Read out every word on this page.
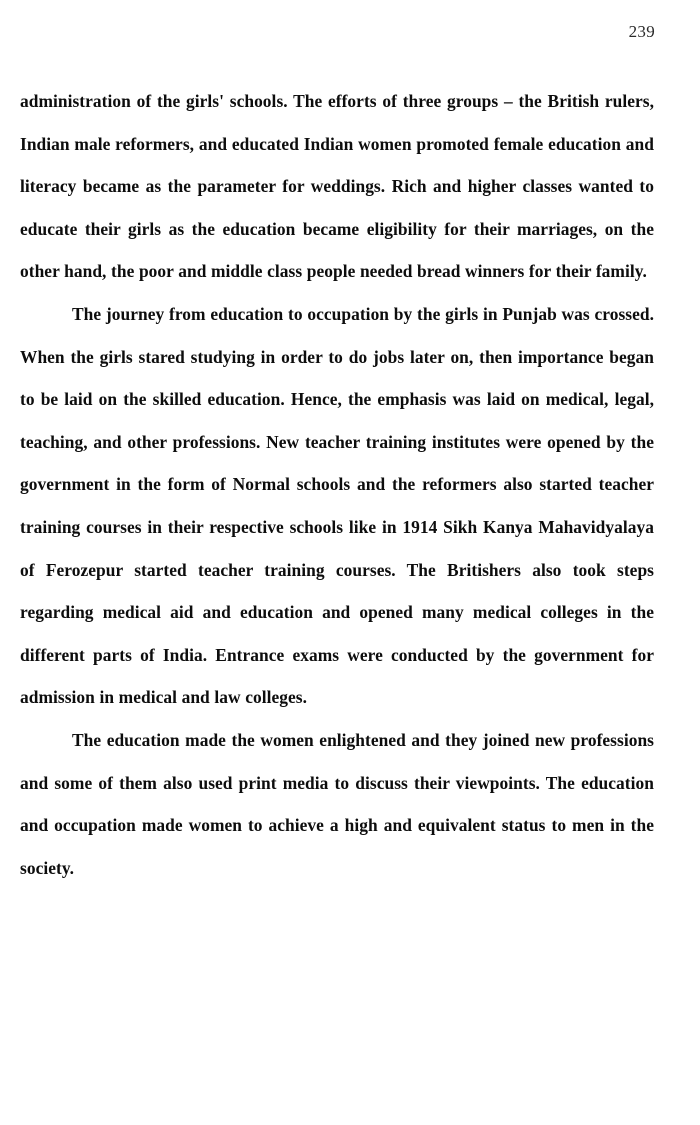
239

administration of the girls' schools. The efforts of three groups – the British rulers, Indian male reformers, and educated Indian women promoted female education and literacy became as the parameter for weddings. Rich and higher classes wanted to educate their girls as the education became eligibility for their marriages, on the other hand, the poor and middle class people needed bread winners for their family.

The journey from education to occupation by the girls in Punjab was crossed. When the girls stared studying in order to do jobs later on, then importance began to be laid on the skilled education. Hence, the emphasis was laid on medical, legal, teaching, and other professions. New teacher training institutes were opened by the government in the form of Normal schools and the reformers also started teacher training courses in their respective schools like in 1914 Sikh Kanya Mahavidyalaya of Ferozepur started teacher training courses. The Britishers also took steps regarding medical aid and education and opened many medical colleges in the different parts of India. Entrance exams were conducted by the government for admission in medical and law colleges.

The education made the women enlightened and they joined new professions and some of them also used print media to discuss their viewpoints. The education and occupation made women to achieve a high and equivalent status to men in the society.
